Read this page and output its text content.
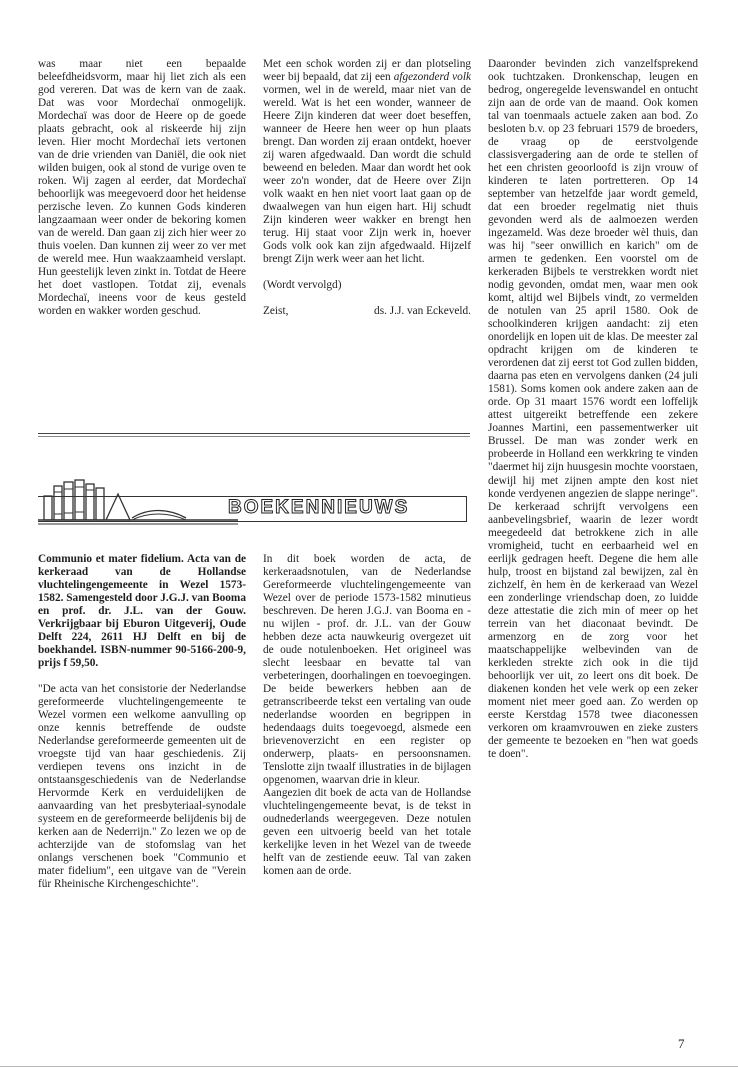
was maar niet een bepaalde beleefdheidsvorm, maar hij liet zich als een god vereren. Dat was de kern van de zaak. Dat was voor Mordechaï onmogelijk. Mordechaï was door de Heere op de goede plaats gebracht, ook al riskeerde hij zijn leven. Hier mocht Mordechaï iets vertonen van de drie vrienden van Daniël, die ook niet wilden buigen, ook al stond de vurige oven te roken. Wij zagen al eerder, dat Mordechaï behoorlijk was meegevoerd door het heidense perzische leven. Zo kunnen Gods kinderen langzaamaan weer onder de bekoring komen van de wereld. Dan gaan zij zich hier weer zo thuis voelen. Dan kunnen zij weer zo ver met de wereld mee. Hun waakzaamheid verslapt. Hun geestelijk leven zinkt in. Totdat de Heere het doet vastlopen. Totdat zij, evenals Mordechaï, ineens voor de keus gesteld worden en wakker worden geschud.

Met een schok worden zij er dan plotseling weer bij bepaald, dat zij een afgezonderd volk vormen, wel in de wereld, maar niet van de wereld. Wat is het een wonder, wanneer de Heere Zijn kinderen dat weer doet beseffen, wanneer de Heere hen weer op hun plaats brengt. Dan worden zij eraan ontdekt, hoever zij waren afgedwaald. Dan wordt die schuld beweend en beleden. Maar dan wordt het ook weer zo'n wonder, dat de Heere over Zijn volk waakt en hen niet voort laat gaan op de dwaalwegen van hun eigen hart. Hij schudt Zijn kinderen weer wakker en brengt hen terug. Hij staat voor Zijn werk in, hoever Gods volk ook kan zijn afgedwaald. Hijzelf brengt Zijn werk weer aan het licht.

(Wordt vervolgd)

Zeist,	ds. J.J. van Eckeveld.
BOEKENNIEUWS

Communio et mater fidelium. Acta van de kerkeraad van de Hollandse vluchtelingengemeente in Wezel 1573-1582. Samengesteld door J.G.J. van Booma en prof. dr. J.L. van der Gouw. Verkrijgbaar bij Eburon Uitgeverij, Oude Delft 224, 2611 HJ Delft en bij de boekhandel. ISBN-nummer 90-5166-200-9, prijs f 59,50.

"De acta van het consistorie der Nederlandse gereformeerde vluchtelingengemeente te Wezel vormen een welkome aanvulling op onze kennis betreffende de oudste Nederlandse gereformeerde gemeenten uit de vroegste tijd van haar geschiedenis. Zij verdiepen tevens ons inzicht in de ontstaansgeschiedenis van de Nederlandse Hervormde Kerk en verduidelijken de aanvaarding van het presbyteriaal-synodale systeem en de gereformeerde belijdenis bij de kerken aan de Nederrijn." Zo lezen we op de achterzijde van de stofomslag van het onlangs verschenen boek "Communio et mater fidelium", een uitgave van de "Verein für Rheinische Kirchengeschichte".

In dit boek worden de acta, de kerkeraadsnotulen, van de Nederlandse Gereformeerde vluchtelingengemeente van Wezel over de periode 1573-1582 minutieus beschreven. De heren J.G.J. van Booma en - nu wijlen - prof. dr. J.L. van der Gouw hebben deze acta nauwkeurig overgezet uit de oude notulenboeken. Het origineel was slecht leesbaar en bevatte tal van verbeteringen, doorhalingen en toevoegingen. De beide bewerkers hebben aan de getranscribeerde tekst een vertaling van oude nederlandse woorden en begrippen in hedendaags duits toegevoegd, alsmede een brievenoverzicht en een register op onderwerp, plaats- en persoonsnamen. Tenslotte zijn twaalf illustraties in de bijlagen opgenomen, waarvan drie in kleur.

Aangezien dit boek de acta van de Hollandse vluchtelingengemeente bevat, is de tekst in oudnederlands weergegeven. Deze notulen geven een uitvoerig beeld van het totale kerkelijke leven in het Wezel van de tweede helft van de zestiende eeuw. Tal van zaken komen aan de orde.

Daaronder bevinden zich vanzelfsprekend ook tuchtzaken. Dronkenschap, leugen en bedrog, ongeregelde levenswandel en ontucht zijn aan de orde van de maand. Ook komen tal van toenmaals actuele zaken aan bod. Zo besloten b.v. op 23 februari 1579 de broeders, de vraag op de eerstvolgende classisvergadering aan de orde te stellen of het een christen geoorloofd is zijn vrouw of kinderen te laten portretteren. Op 14 september van hetzelfde jaar wordt gemeld, dat een broeder regelmatig niet thuis gevonden werd als de aalmoezen werden ingezameld. Was deze broeder wèl thuis, dan was hij "seer onwillich en karich" om de armen te gedenken. Een voorstel om de kerkeraden Bijbels te verstrekken wordt niet nodig gevonden, omdat men, waar men ook komt, altijd wel Bijbels vindt, zo vermelden de notulen van 25 april 1580. Ook de schoolkinderen krijgen aandacht: zij eten onordelijk en lopen uit de klas. De meester zal opdracht krijgen om de kinderen te verordenen dat zij eerst tot God zullen bidden, daarna pas eten en vervolgens danken (24 juli 1581). Soms komen ook andere zaken aan de orde. Op 31 maart 1576 wordt een loffelijk attest uitgereikt betreffende een zekere Joannes Martini, een passementwerker uit Brussel. De man was zonder werk en probeerde in Holland een werkkring te vinden "daermet hij zijn huusgesin mochte voorstaen, dewijl hij met zijnen ampte den kost niet konde verdyenen angezien de slappe neringe". De kerkeraad schrijft vervolgens een aanbevelingsbrief, waarin de lezer wordt meegedeeld dat betrokkene zich in alle vromigheid, tucht en eerbaarheid wel en eerlijk gedragen heeft. Degene die hem alle hulp, troost en bijstand zal bewijzen, zal èn zichzelf, èn hem èn de kerkeraad van Wezel een zonderlinge vriendschap doen, zo luidde deze attestatie die zich min of meer op het terrein van het diaconaat bevindt. De armenzorg en de zorg voor het maatschappelijke welbevinden van de kerkleden strekte zich ook in die tijd behoorlijk ver uit, zo leert ons dit boek. De diakenen konden het vele werk op een zeker moment niet meer goed aan. Zo werden op eerste Kerstdag 1578 twee diaconessen verkoren om kraamvrouwen en zieke zusters der gemeente te bezoeken en "hen wat goeds te doen".

7
